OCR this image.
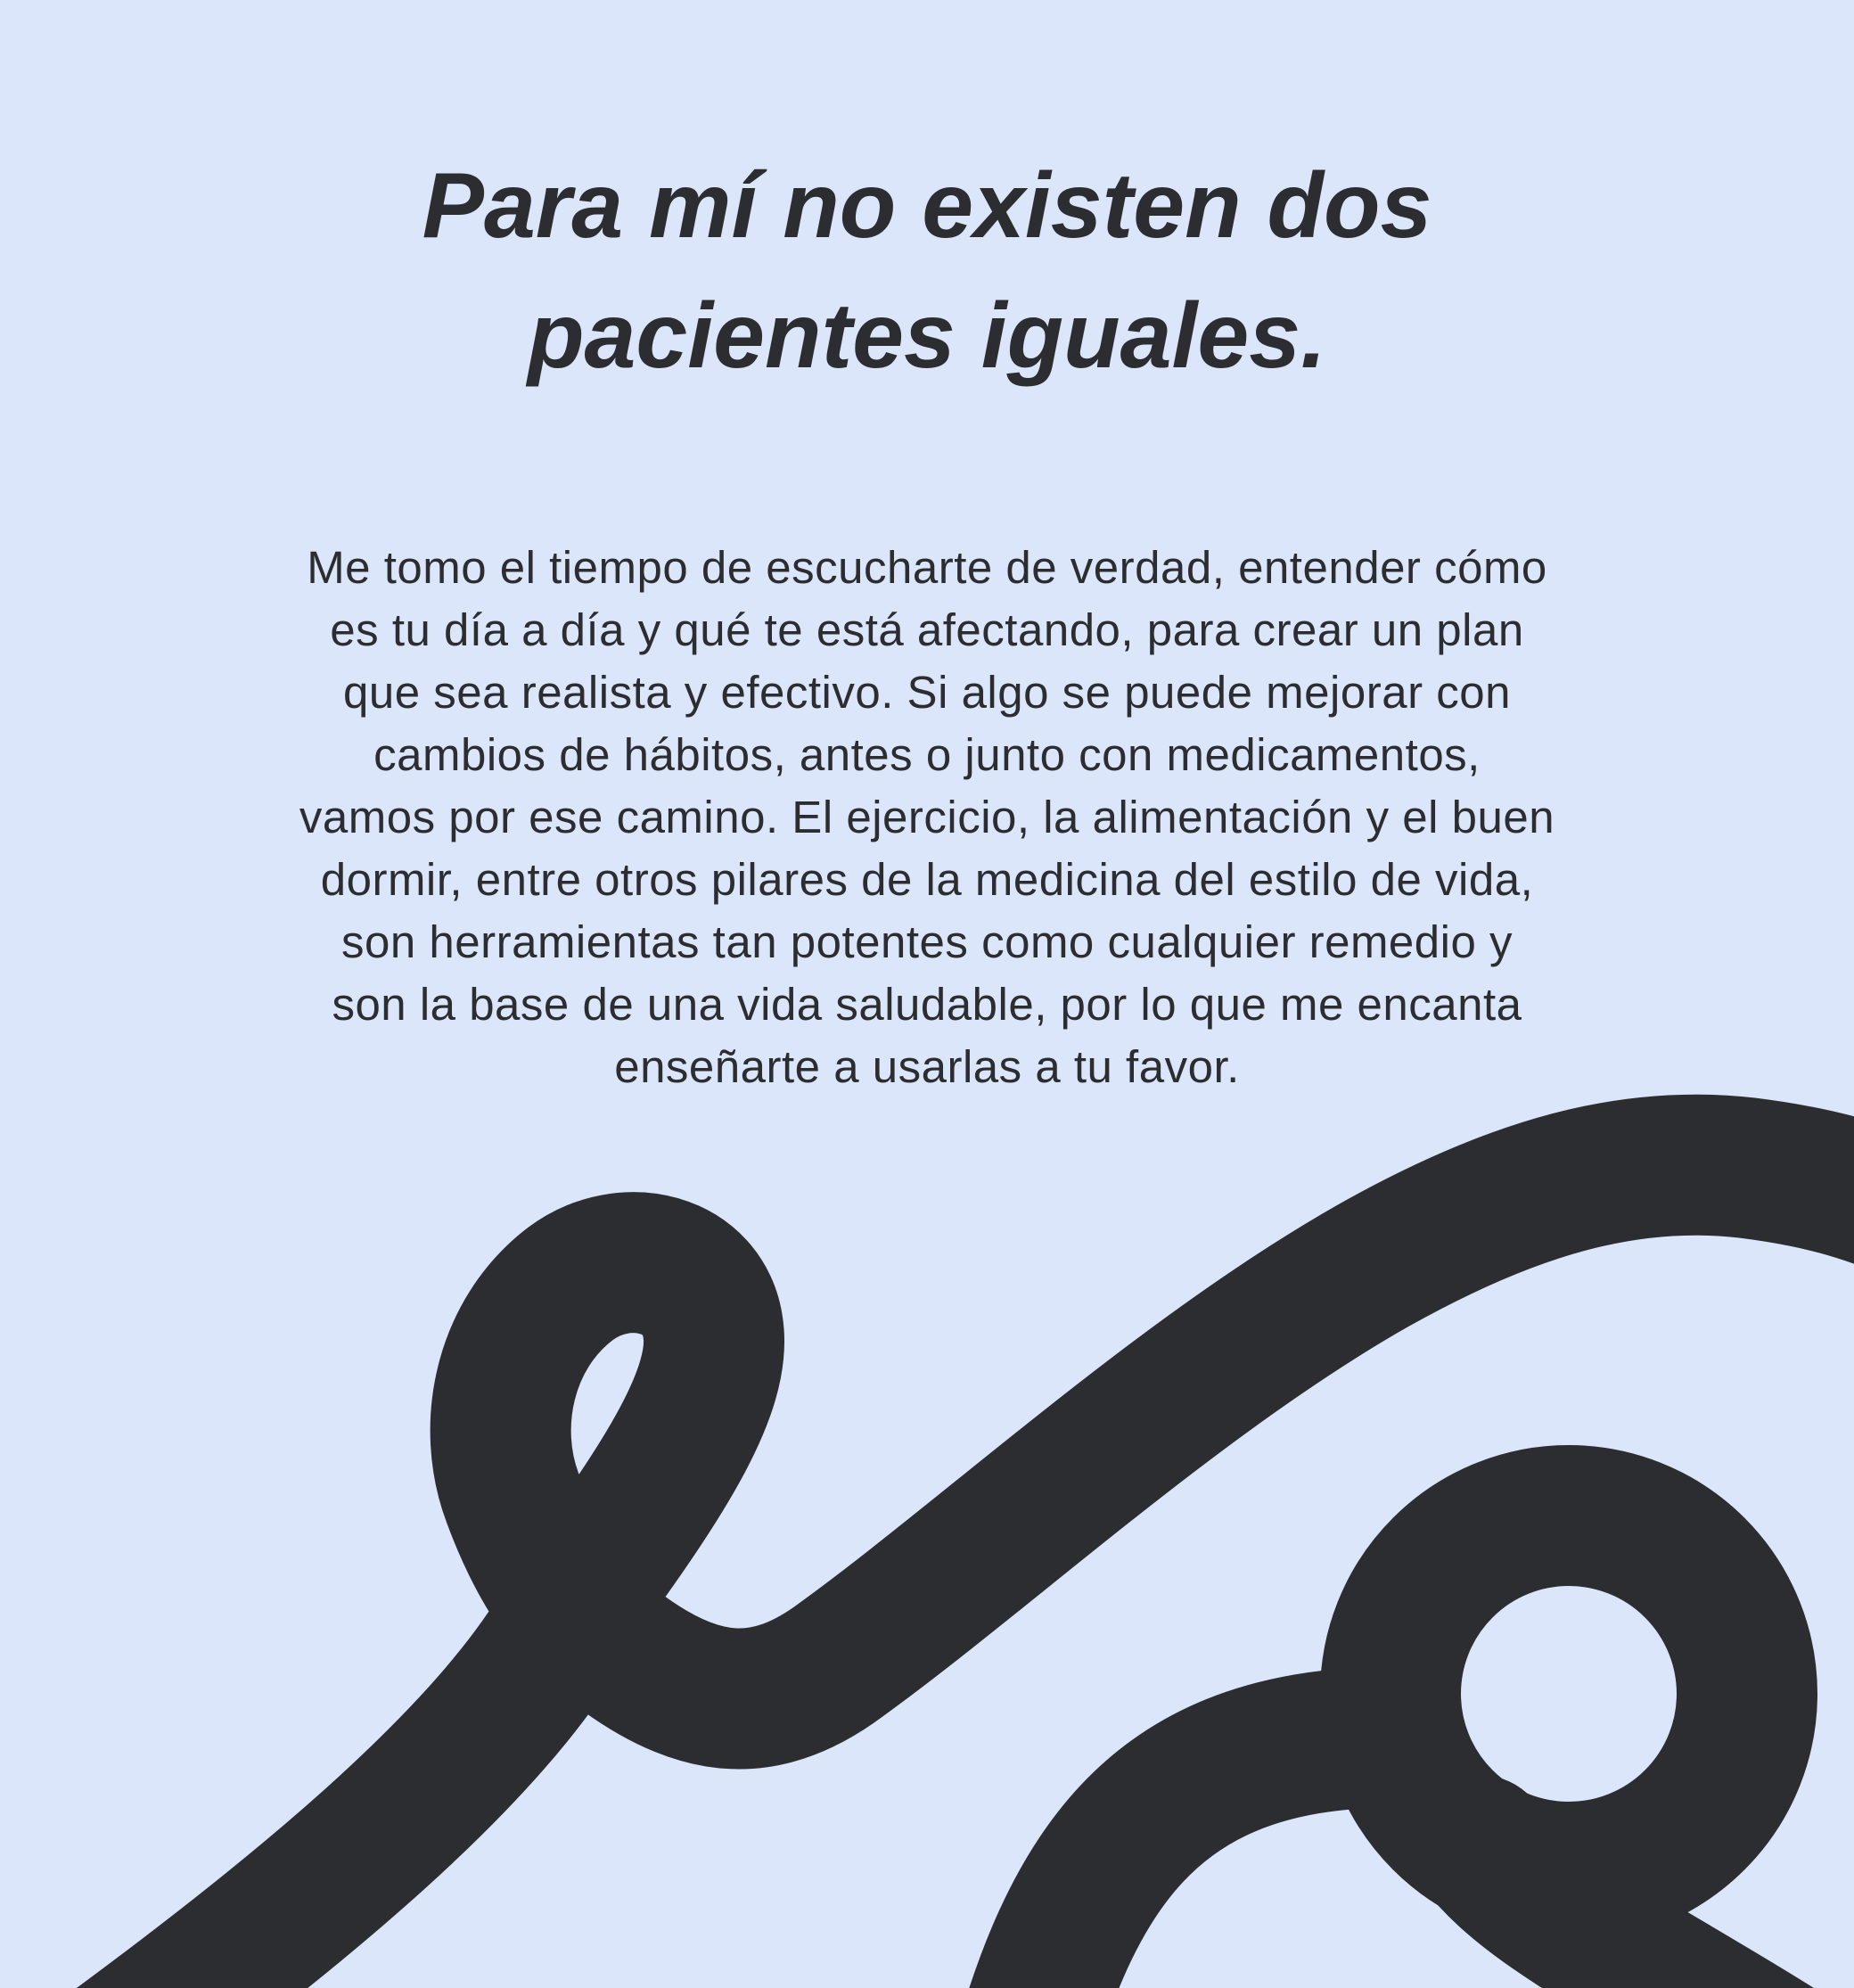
Para mí no existen dos
pacientes iguales.
Me tomo el tiempo de escucharte de verdad, entender cómo
es tu día a día y qué te está afectando, para crear un plan
que sea realista y efectivo. Si algo se puede mejorar con
cambios de hábitos, antes o junto con medicamentos,
vamos por ese camino. El ejercicio, la alimentación y el buen
dormir, entre otros pilares de la medicina del estilo de vida,
son herramientas tan potentes como cualquier remedio y
son la base de una vida saludable, por lo que me encanta
enseñarte a usarlas a tu favor.
